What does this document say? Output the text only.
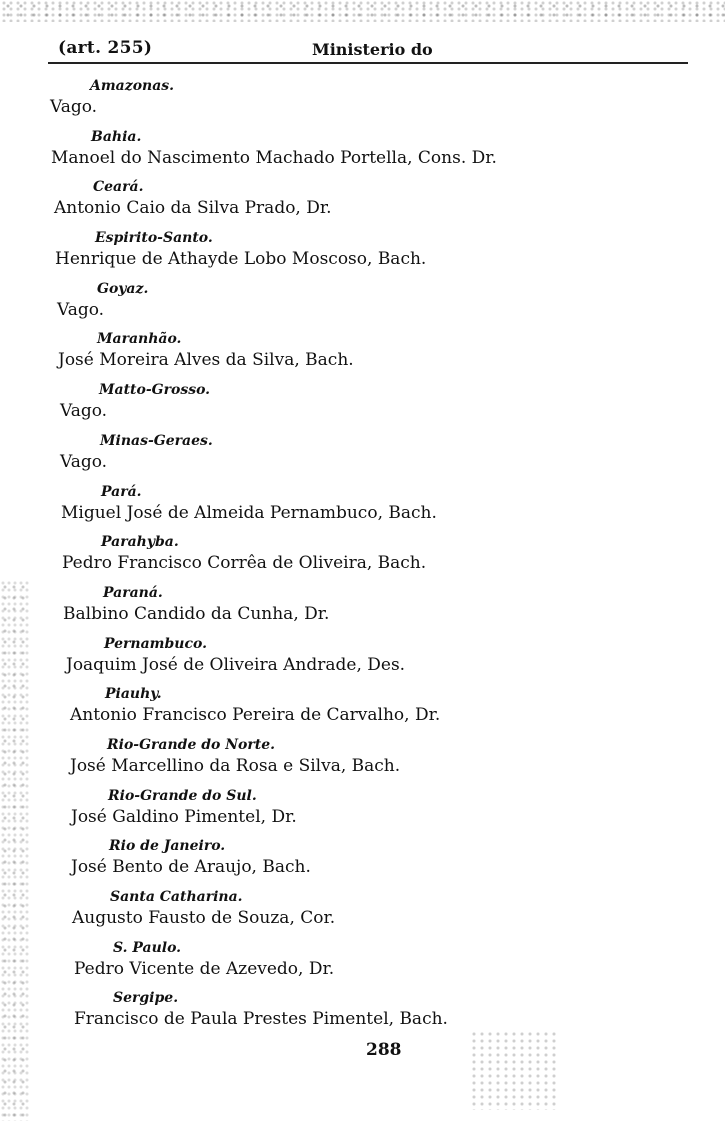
(art. 255)	Ministerio do
Amazonas.
Vago.
Bahia.
Manoel do Nascimento Machado Portella, Cons. Dr.
Ceará.
Antonio Caio da Silva Prado, Dr.
Espirito-Santo.
Henrique de Athayde Lobo Moscoso, Bach.
Goyaz.
Vago.
Maranhão.
José Moreira Alves da Silva, Bach.
Matto-Grosso.
Vago.
Minas-Geraes.
Vago.
Pará.
Miguel José de Almeida Pernambuco, Bach.
Parahyba.
Pedro Francisco Corrêa de Oliveira, Bach.
Paraná.
Balbino Candido da Cunha, Dr.
Pernambuco.
Joaquim José de Oliveira Andrade, Des.
Piauhy.
Antonio Francisco Pereira de Carvalho, Dr.
Rio-Grande do Norte.
José Marcellino da Rosa e Silva, Bach.
Rio-Grande do Sul.
José Galdino Pimentel, Dr.
Rio de Janeiro.
José Bento de Araujo, Bach.
Santa Catharina.
Augusto Fausto de Souza, Cor.
S. Paulo.
Pedro Vicente de Azevedo, Dr.
Sergipe.
Francisco de Paula Prestes Pimentel, Bach.
288
